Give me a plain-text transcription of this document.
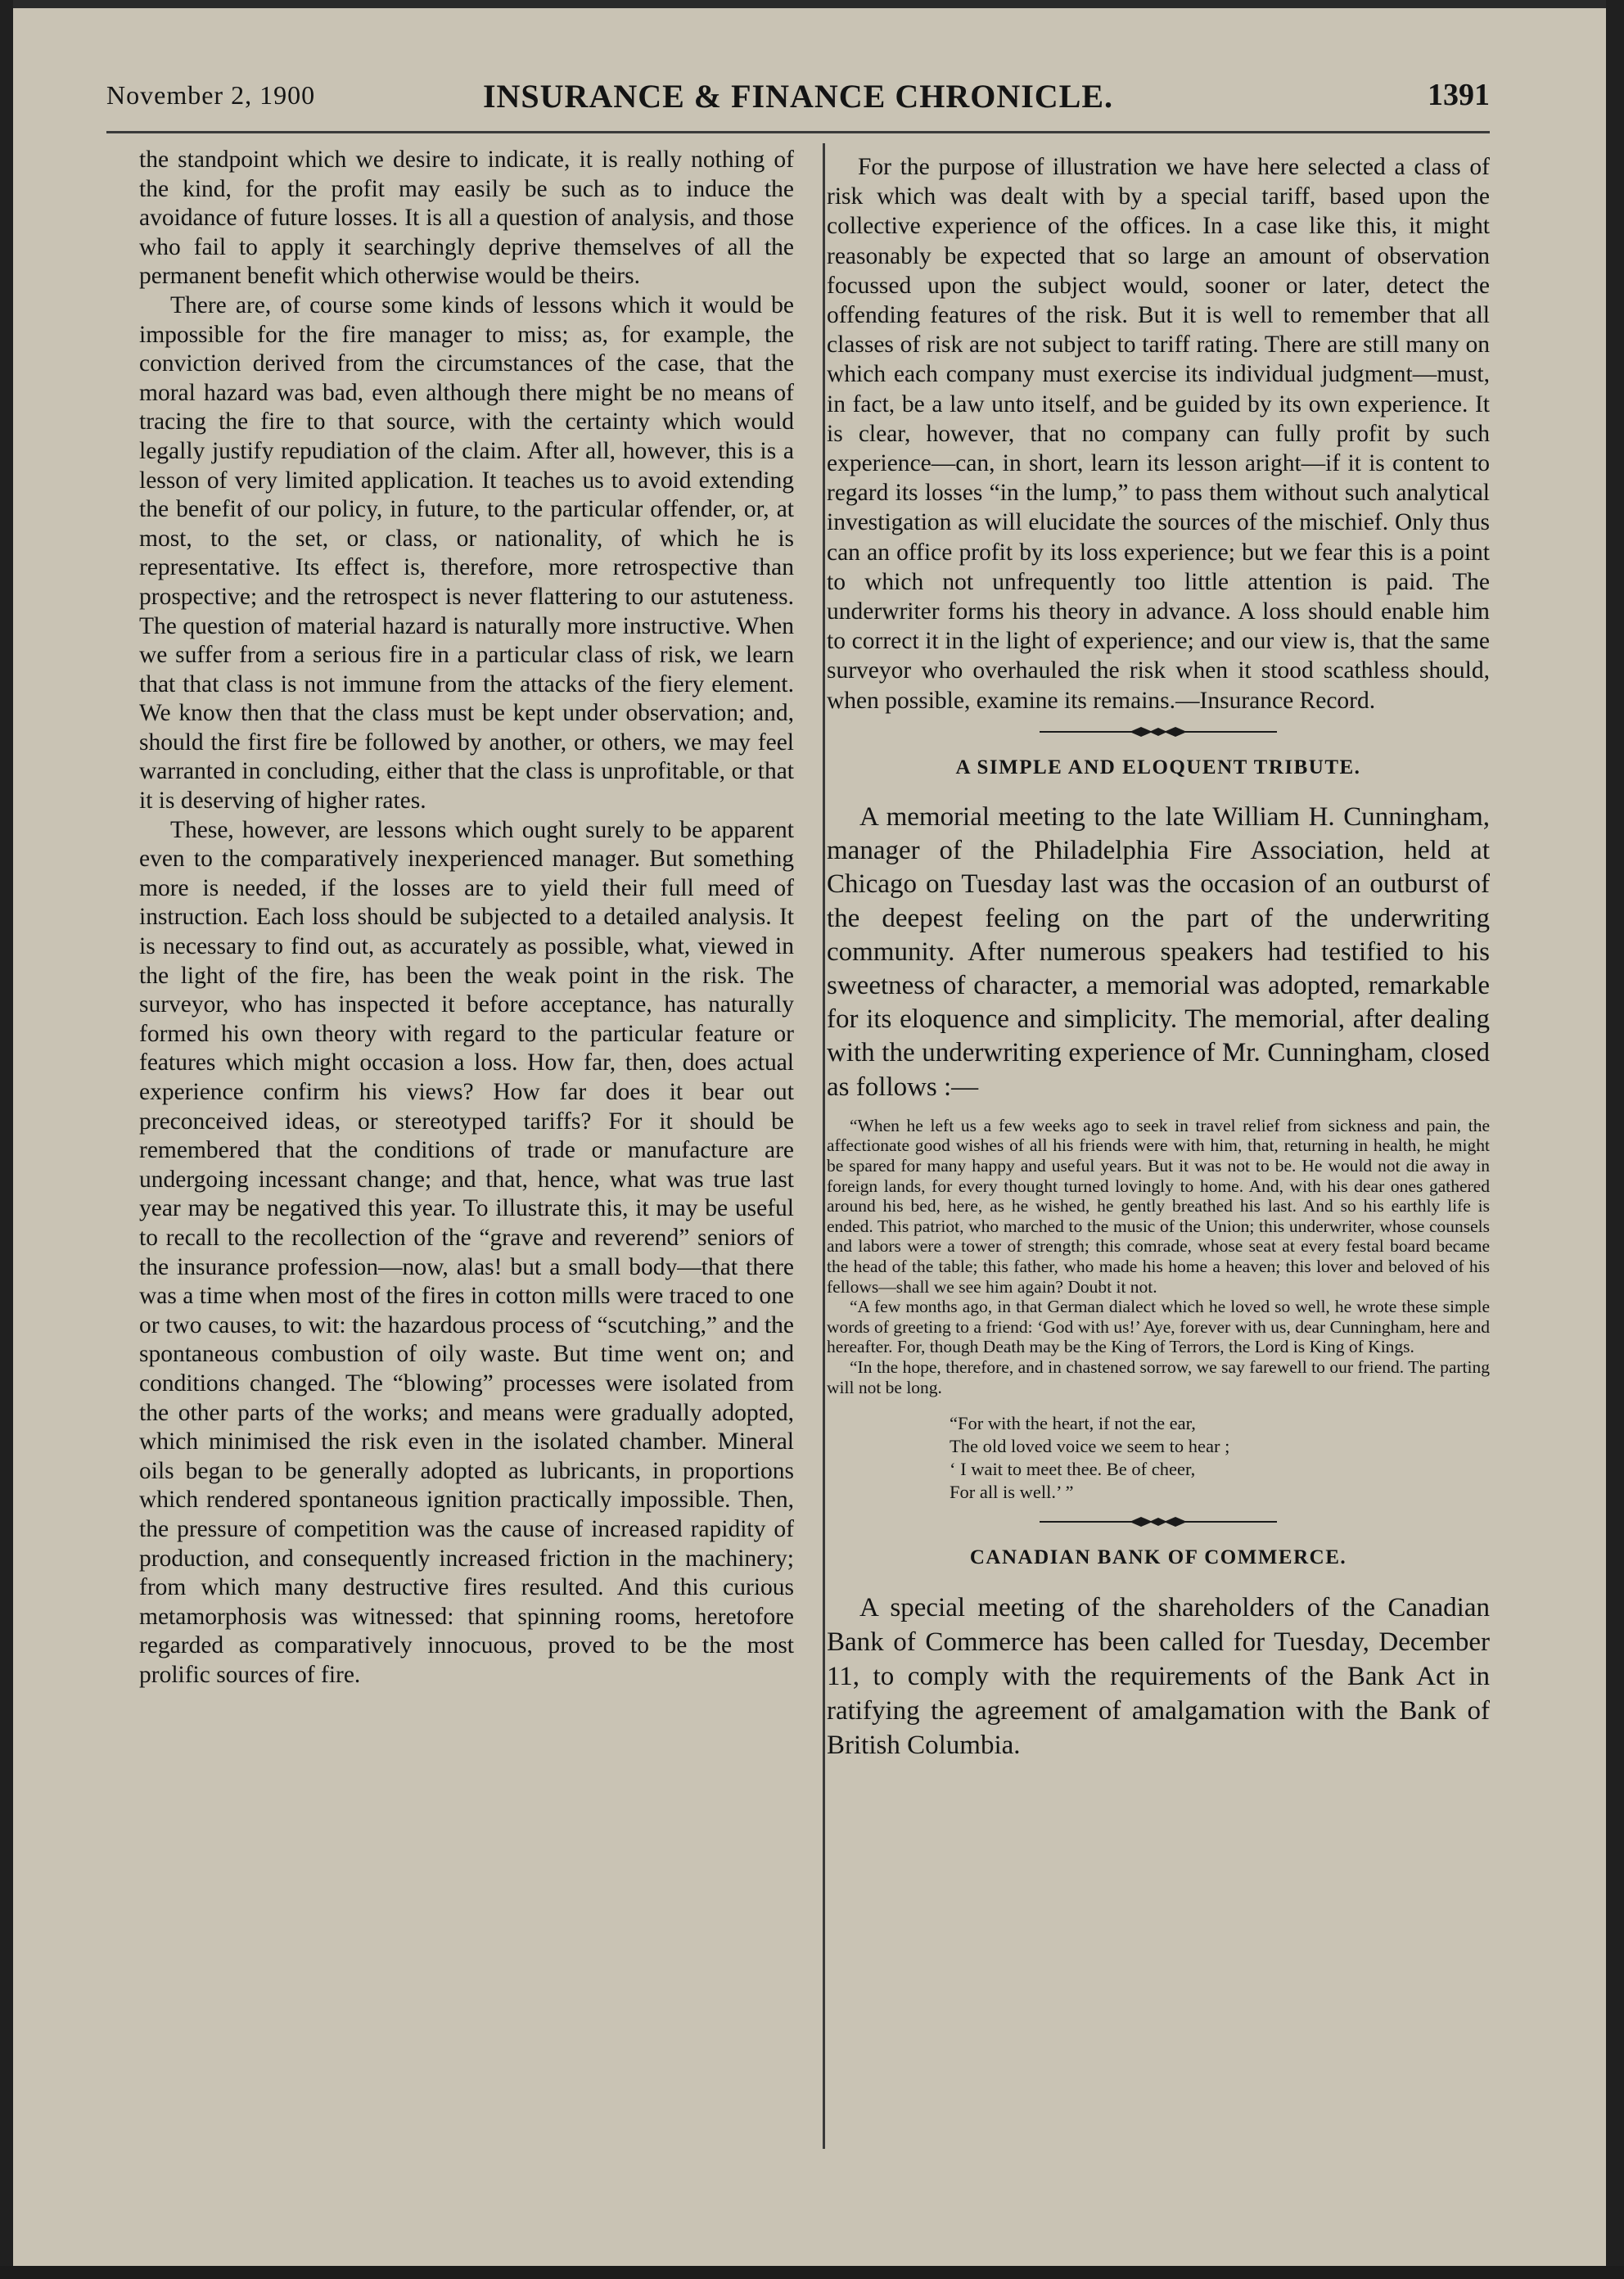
November 2, 1900	INSURANCE & FINANCE CHRONICLE.	1391

the standpoint which we desire to indicate, it is really nothing of the kind, for the profit may easily be such as to induce the avoidance of future losses. It is all a question of analysis, and those who fail to apply it searchingly deprive themselves of all the permanent benefit which otherwise would be theirs.

There are, of course some kinds of lessons which it would be impossible for the fire manager to miss; as, for example, the conviction derived from the circumstances of the case, that the moral hazard was bad, even although there might be no means of tracing the fire to that source, with the certainty which would legally justify repudiation of the claim. After all, however, this is a lesson of very limited application. It teaches us to avoid extending the benefit of our policy, in future, to the particular offender, or, at most, to the set, or class, or nationality, of which he is representative. Its effect is, therefore, more retrospective than prospective; and the retrospect is never flattering to our astuteness. The question of material hazard is naturally more instructive. When we suffer from a serious fire in a particular class of risk, we learn that that class is not immune from the attacks of the fiery element. We know then that the class must be kept under observation; and, should the first fire be followed by another, or others, we may feel warranted in concluding, either that the class is unprofitable, or that it is deserving of higher rates.

These, however, are lessons which ought surely to be apparent even to the comparatively inexperienced manager. But something more is needed, if the losses are to yield their full meed of instruction. Each loss should be subjected to a detailed analysis. It is necessary to find out, as accurately as possible, what, viewed in the light of the fire, has been the weak point in the risk. The surveyor, who has inspected it before acceptance, has naturally formed his own theory with regard to the particular feature or features which might occasion a loss. How far, then, does actual experience confirm his views? How far does it bear out preconceived ideas, or stereotyped tariffs? For it should be remembered that the conditions of trade or manufacture are undergoing incessant change; and that, hence, what was true last year may be negatived this year. To illustrate this, it may be useful to recall to the recollection of the “grave and reverend” seniors of the insurance profession—now, alas! but a small body—that there was a time when most of the fires in cotton mills were traced to one or two causes, to wit: the hazardous process of “scutching,” and the spontaneous combustion of oily waste. But time went on; and conditions changed. The “blowing” processes were isolated from the other parts of the works; and means were gradually adopted, which minimised the risk even in the isolated chamber. Mineral oils began to be generally adopted as lubricants, in proportions which rendered spontaneous ignition practically impossible. Then, the pressure of competition was the cause of increased rapidity of production, and consequently increased friction in the machinery; from which many destructive fires resulted. And this curious metamorphosis was witnessed: that spinning rooms, heretofore regarded as comparatively innocuous, proved to be the most prolific sources of fire.

For the purpose of illustration we have here selected a class of risk which was dealt with by a special tariff, based upon the collective experience of the offices. In a case like this, it might reasonably be expected that so large an amount of observation focussed upon the subject would, sooner or later, detect the offending features of the risk. But it is well to remember that all classes of risk are not subject to tariff rating. There are still many on which each company must exercise its individual judgment—must, in fact, be a law unto itself, and be guided by its own experience. It is clear, however, that no company can fully profit by such experience—can, in short, learn its lesson aright—if it is content to regard its losses “in the lump,” to pass them without such analytical investigation as will elucidate the sources of the mischief. Only thus can an office profit by its loss experience; but we fear this is a point to which not unfrequently too little attention is paid. The underwriter forms his theory in advance. A loss should enable him to correct it in the light of experience; and our view is, that the same surveyor who overhauled the risk when it stood scathless should, when possible, examine its remains.—Insurance Record.

A SIMPLE AND ELOQUENT TRIBUTE.

A memorial meeting to the late William H. Cunningham, manager of the Philadelphia Fire Association, held at Chicago on Tuesday last was the occasion of an outburst of the deepest feeling on the part of the underwriting community. After numerous speakers had testified to his sweetness of character, a memorial was adopted, remarkable for its eloquence and simplicity. The memorial, after dealing with the underwriting experience of Mr. Cunningham, closed as follows :—

“When he left us a few weeks ago to seek in travel relief from sickness and pain, the affectionate good wishes of all his friends were with him, that, returning in health, he might be spared for many happy and useful years. But it was not to be. He would not die away in foreign lands, for every thought turned lovingly to home. And, with his dear ones gathered around his bed, here, as he wished, he gently breathed his last. And so his earthly life is ended. This patriot, who marched to the music of the Union; this underwriter, whose counsels and labors were a tower of strength; this comrade, whose seat at every festal board became the head of the table; this father, who made his home a heaven; this lover and beloved of his fellows—shall we see him again? Doubt it not.

“A few months ago, in that German dialect which he loved so well, he wrote these simple words of greeting to a friend: ‘God with us!’ Aye, forever with us, dear Cunningham, here and hereafter. For, though Death may be the King of Terrors, the Lord is King of Kings.

“In the hope, therefore, and in chastened sorrow, we say farewell to our friend. The parting will not be long.

“For with the heart, if not the ear,
The old loved voice we seem to hear ;
‘ I wait to meet thee. Be of cheer,
For all is well.’ ”
CANADIAN BANK OF COMMERCE.

A special meeting of the shareholders of the Canadian Bank of Commerce has been called for Tuesday, December 11, to comply with the requirements of the Bank Act in ratifying the agreement of amalgamation with the Bank of British Columbia.
